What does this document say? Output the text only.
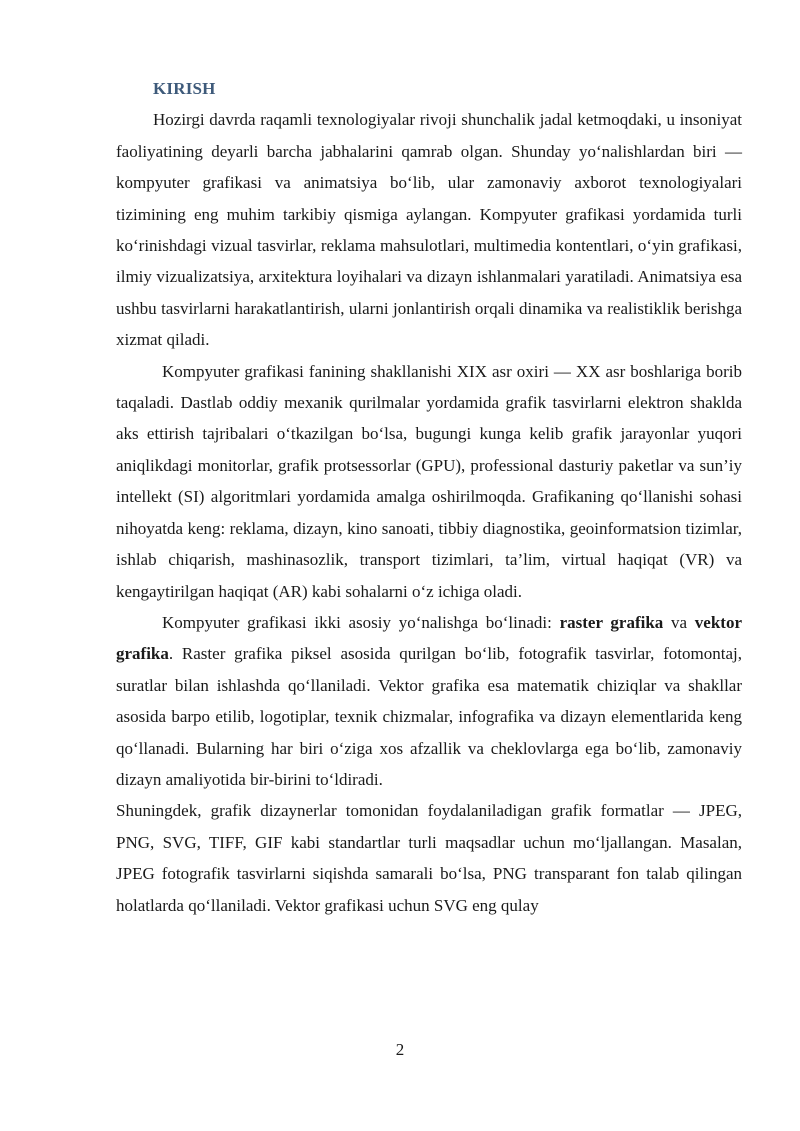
KIRISH

Hozirgi davrda raqamli texnologiyalar rivoji shunchalik jadal ketmoqdaki, u insoniyat faoliyatining deyarli barcha jabhalarini qamrab olgan. Shunday yo‘nalishlardan biri — kompyuter grafikasi va animatsiya bo‘lib, ular zamonaviy axborot texnologiyalari tizimining eng muhim tarkibiy qismiga aylangan. Kompyuter grafikasi yordamida turli ko‘rinishdagi vizual tasvirlar, reklama mahsulotlari, multimedia kontentlari, o‘yin grafikasi, ilmiy vizualizatsiya, arxitektura loyihalari va dizayn ishlanmalari yaratiladi. Animatsiya esa ushbu tasvirlarni harakatlantirish, ularni jonlantirish orqali dinamika va realistiklik berishga xizmat qiladi.

Kompyuter grafikasi fanining shakllanishi XIX asr oxiri — XX asr boshlariga borib taqaladi. Dastlab oddiy mexanik qurilmalar yordamida grafik tasvirlarni elektron shaklda aks ettirish tajribalari o‘tkazilgan bo‘lsa, bugungi kunga kelib grafik jarayonlar yuqori aniqlikdagi monitorlar, grafik protsessorlar (GPU), professional dasturiy paketlar va sun’iy intellekt (SI) algoritmlari yordamida amalga oshirilmoqda. Grafikaning qo‘llanishi sohasi nihoyatda keng: reklama, dizayn, kino sanoati, tibbiy diagnostika, geoinformatsion tizimlar, ishlab chiqarish, mashinasozlik, transport tizimlari, ta’lim, virtual haqiqat (VR) va kengaytirilgan haqiqat (AR) kabi sohalarni o‘z ichiga oladi.

Kompyuter grafikasi ikki asosiy yo‘nalishga bo‘linadi: raster grafika va vektor grafika. Raster grafika piksel asosida qurilgan bo‘lib, fotografik tasvirlar, fotomontaj, suratlar bilan ishlashda qo‘llaniladi. Vektor grafika esa matematik chiziqlar va shakllar asosida barpo etilib, logotiplar, texnik chizmalar, infografika va dizayn elementlarida keng qo‘llanadi. Bularning har biri o‘ziga xos afzallik va cheklovlarga ega bo‘lib, zamonaviy dizayn amaliyotida bir-birini to‘ldiradi.

Shuningdek, grafik dizaynerlar tomonidan foydalaniladigan grafik formatlar — JPEG, PNG, SVG, TIFF, GIF kabi standartlar turli maqsadlar uchun mo‘ljallangan. Masalan, JPEG fotografik tasvirlarni siqishda samarali bo‘lsa, PNG transparant fon talab qilingan holatlarda qo‘llaniladi. Vektor grafikasi uchun SVG eng qulay

2
